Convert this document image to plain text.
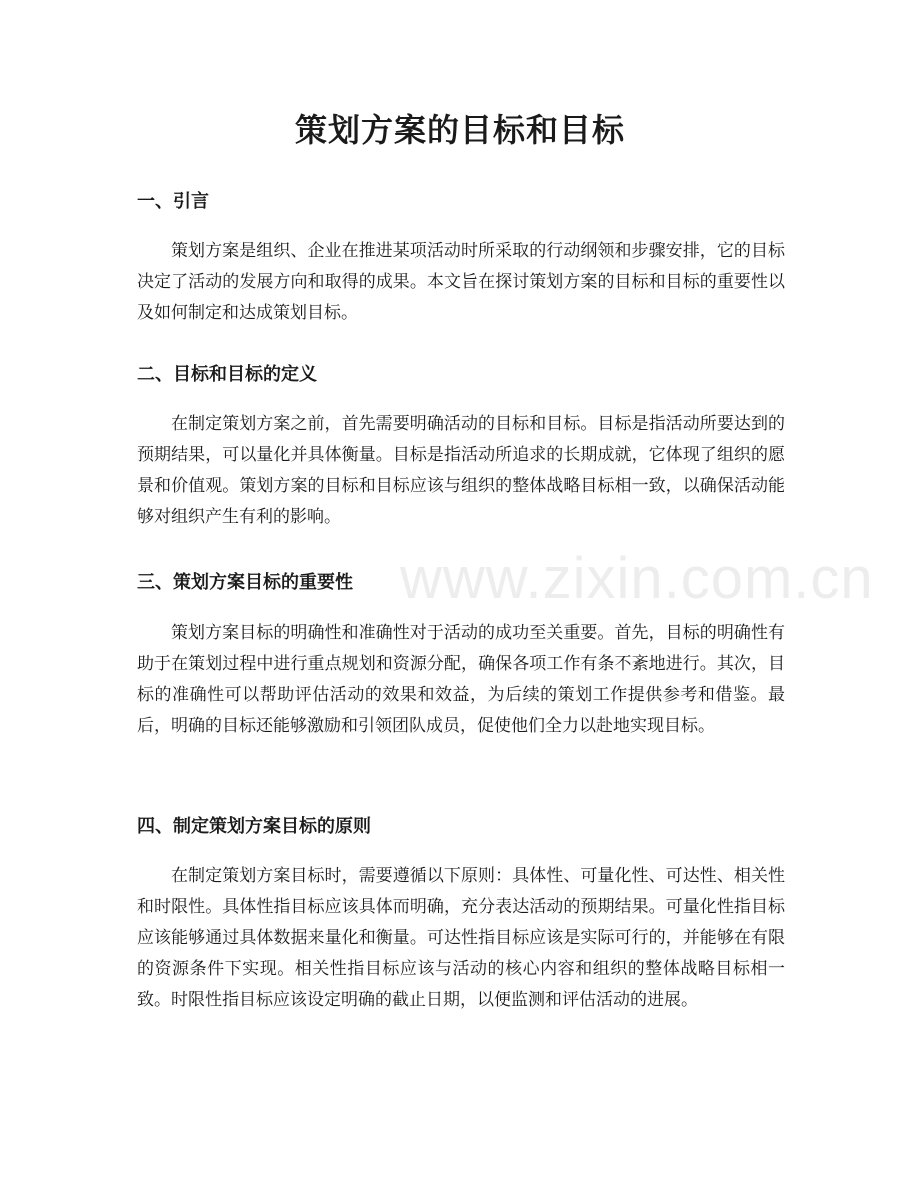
策划方案的目标和目标
一、引言

策划方案是组织、企业在推进某项活动时所采取的行动纲领和步骤安排，它的目标决定了活动的发展方向和取得的成果。本文旨在探讨策划方案的目标和目标的重要性以及如何制定和达成策划目标。

二、目标和目标的定义

在制定策划方案之前，首先需要明确活动的目标和目标。目标是指活动所要达到的预期结果，可以量化并具体衡量。目标是指活动所追求的长期成就，它体现了组织的愿景和价值观。策划方案的目标和目标应该与组织的整体战略目标相一致，以确保活动能够对组织产生有利的影响。

三、策划方案目标的重要性

策划方案目标的明确性和准确性对于活动的成功至关重要。首先，目标的明确性有助于在策划过程中进行重点规划和资源分配，确保各项工作有条不紊地进行。其次，目标的准确性可以帮助评估活动的效果和效益，为后续的策划工作提供参考和借鉴。最后，明确的目标还能够激励和引领团队成员，促使他们全力以赴地实现目标。

四、制定策划方案目标的原则

在制定策划方案目标时，需要遵循以下原则：具体性、可量化性、可达性、相关性和时限性。具体性指目标应该具体而明确，充分表达活动的预期结果。可量化性指目标应该能够通过具体数据来量化和衡量。可达性指目标应该是实际可行的，并能够在有限的资源条件下实现。相关性指目标应该与活动的核心内容和组织的整体战略目标相一致。时限性指目标应该设定明确的截止日期，以便监测和评估活动的进展。

www.zixin.com.cn
